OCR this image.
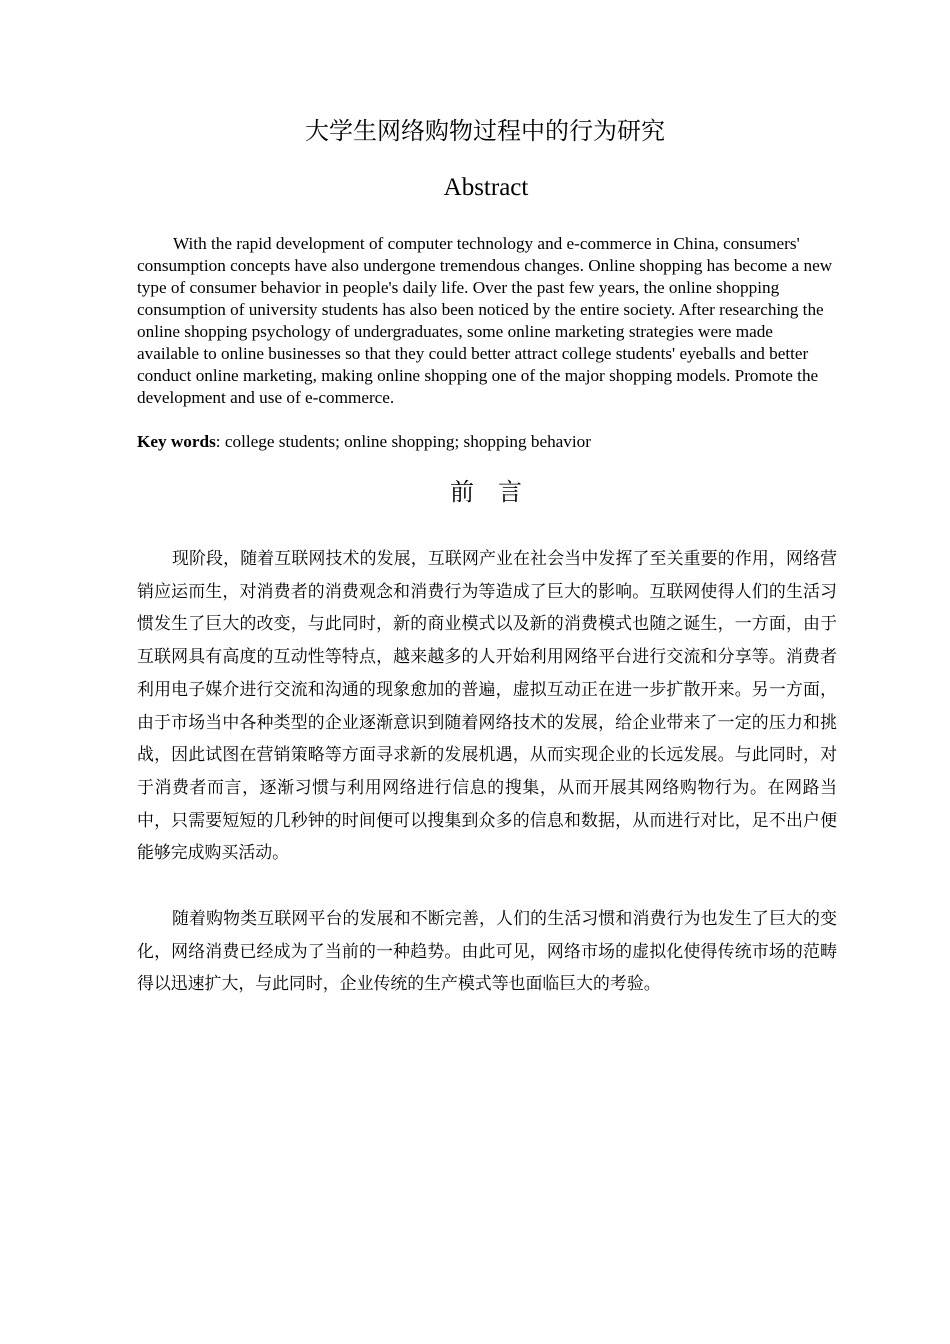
大学生网络购物过程中的行为研究
Abstract

With the rapid development of computer technology and e-commerce in China, consumers' consumption concepts have also undergone tremendous changes. Online shopping has become a new type of consumer behavior in people's daily life. Over the past few years, the online shopping consumption of university students has also been noticed by the entire society. After researching the online shopping psychology of undergraduates, some online marketing strategies were made available to online businesses so that they could better attract college students' eyeballs and better conduct online marketing, making online shopping one of the major shopping models. Promote the development and use of e-commerce.

Key words: college students; online shopping; shopping behavior

前言

现阶段，随着互联网技术的发展，互联网产业在社会当中发挥了至关重要的作用，网络营销应运而生，对消费者的消费观念和消费行为等造成了巨大的影响。互联网使得人们的生活习惯发生了巨大的改变，与此同时，新的商业模式以及新的消费模式也随之诞生，一方面，由于互联网具有高度的互动性等特点，越来越多的人开始利用网络平台进行交流和分享等。消费者利用电子媒介进行交流和沟通的现象愈加的普遍，虚拟互动正在进一步扩散开来。另一方面，由于市场当中各种类型的企业逐渐意识到随着网络技术的发展，给企业带来了一定的压力和挑战，因此试图在营销策略等方面寻求新的发展机遇，从而实现企业的长远发展。与此同时，对于消费者而言，逐渐习惯与利用网络进行信息的搜集，从而开展其网络购物行为。在网路当中，只需要短短的几秒钟的时间便可以搜集到众多的信息和数据，从而进行对比，足不出户便能够完成购买活动。

随着购物类互联网平台的发展和不断完善，人们的生活习惯和消费行为也发生了巨大的变化，网络消费已经成为了当前的一种趋势。由此可见，网络市场的虚拟化使得传统市场的范畴得以迅速扩大，与此同时，企业传统的生产模式等也面临巨大的考验。
